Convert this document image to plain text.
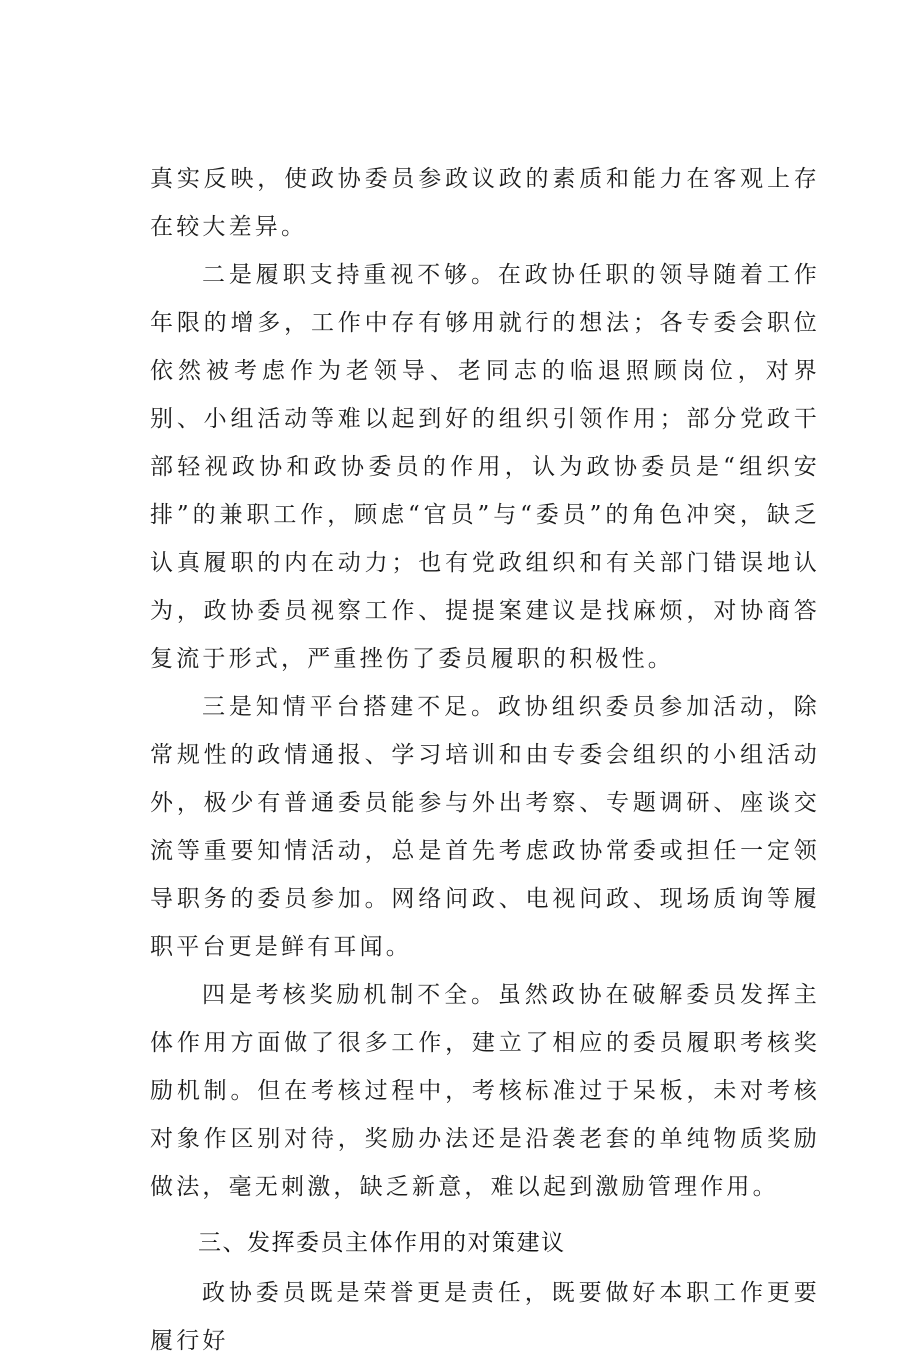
真实反映，使政协委员参政议政的素质和能力在客观上存在较大差异。

二是履职支持重视不够。在政协任职的领导随着工作年限的增多，工作中存有够用就行的想法；各专委会职位依然被考虑作为老领导、老同志的临退照顾岗位，对界别、小组活动等难以起到好的组织引领作用；部分党政干部轻视政协和政协委员的作用，认为政协委员是“组织安排”的兼职工作，顾虑“官员”与“委员”的角色冲突，缺乏认真履职的内在动力；也有党政组织和有关部门错误地认为，政协委员视察工作、提提案建议是找麻烦，对协商答复流于形式，严重挫伤了委员履职的积极性。

三是知情平台搭建不足。政协组织委员参加活动，除常规性的政情通报、学习培训和由专委会组织的小组活动外，极少有普通委员能参与外出考察、专题调研、座谈交流等重要知情活动，总是首先考虑政协常委或担任一定领导职务的委员参加。网络问政、电视问政、现场质询等履职平台更是鲜有耳闻。

四是考核奖励机制不全。虽然政协在破解委员发挥主体作用方面做了很多工作，建立了相应的委员履职考核奖励机制。但在考核过程中，考核标准过于呆板，未对考核对象作区别对待，奖励办法还是沿袭老套的单纯物质奖励做法，毫无刺激，缺乏新意，难以起到激励管理作用。

三、发挥委员主体作用的对策建议

政协委员既是荣誉更是责任，既要做好本职工作更要履行好
